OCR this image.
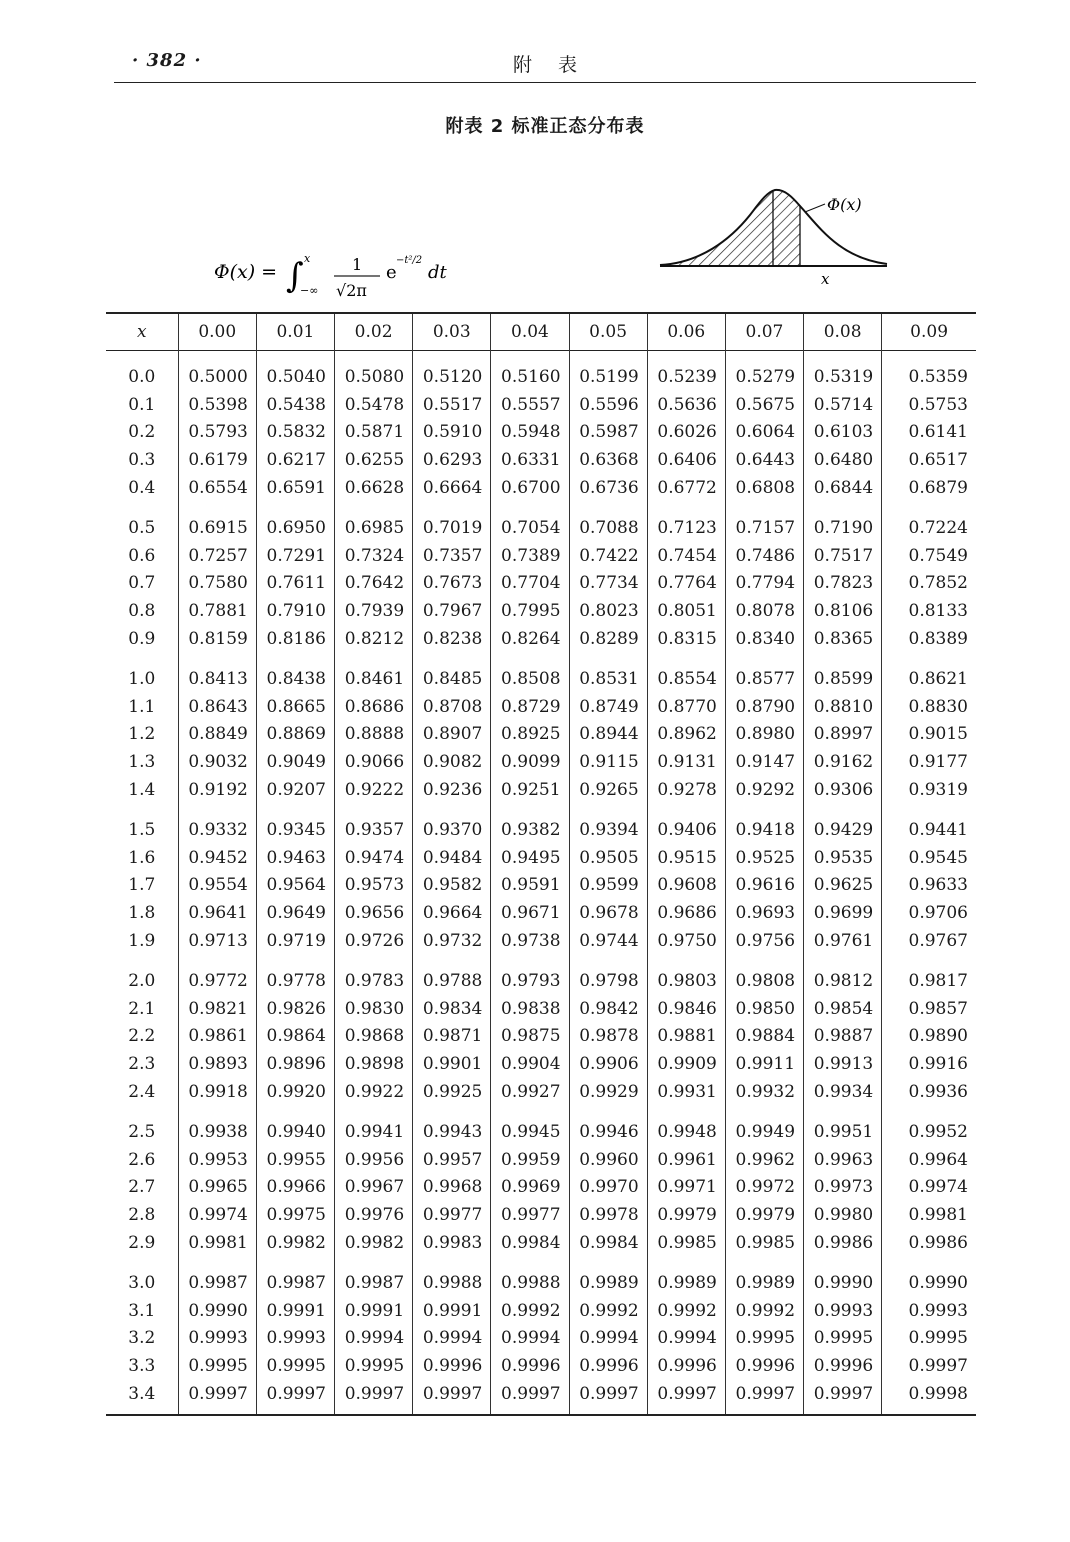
· 382 ·	附表
附表 2 标准正态分布表
Φ(x) = ∫ x
−∞
1
√2π
e
−t²/2
dt
Φ(x)
x
x	0.00	0.01	0.02	0.03	0.04	0.05	0.06	0.07	0.08	0.09
0.0	0.5000	0.5040	0.5080	0.5120	0.5160	0.5199	0.5239	0.5279	0.5319	0.5359
0.1	0.5398	0.5438	0.5478	0.5517	0.5557	0.5596	0.5636	0.5675	0.5714	0.5753
0.2	0.5793	0.5832	0.5871	0.5910	0.5948	0.5987	0.6026	0.6064	0.6103	0.6141
0.3	0.6179	0.6217	0.6255	0.6293	0.6331	0.6368	0.6406	0.6443	0.6480	0.6517
0.4	0.6554	0.6591	0.6628	0.6664	0.6700	0.6736	0.6772	0.6808	0.6844	0.6879
0.5	0.6915	0.6950	0.6985	0.7019	0.7054	0.7088	0.7123	0.7157	0.7190	0.7224
0.6	0.7257	0.7291	0.7324	0.7357	0.7389	0.7422	0.7454	0.7486	0.7517	0.7549
0.7	0.7580	0.7611	0.7642	0.7673	0.7704	0.7734	0.7764	0.7794	0.7823	0.7852
0.8	0.7881	0.7910	0.7939	0.7967	0.7995	0.8023	0.8051	0.8078	0.8106	0.8133
0.9	0.8159	0.8186	0.8212	0.8238	0.8264	0.8289	0.8315	0.8340	0.8365	0.8389
1.0	0.8413	0.8438	0.8461	0.8485	0.8508	0.8531	0.8554	0.8577	0.8599	0.8621
1.1	0.8643	0.8665	0.8686	0.8708	0.8729	0.8749	0.8770	0.8790	0.8810	0.8830
1.2	0.8849	0.8869	0.8888	0.8907	0.8925	0.8944	0.8962	0.8980	0.8997	0.9015
1.3	0.9032	0.9049	0.9066	0.9082	0.9099	0.9115	0.9131	0.9147	0.9162	0.9177
1.4	0.9192	0.9207	0.9222	0.9236	0.9251	0.9265	0.9278	0.9292	0.9306	0.9319
1.5	0.9332	0.9345	0.9357	0.9370	0.9382	0.9394	0.9406	0.9418	0.9429	0.9441
1.6	0.9452	0.9463	0.9474	0.9484	0.9495	0.9505	0.9515	0.9525	0.9535	0.9545
1.7	0.9554	0.9564	0.9573	0.9582	0.9591	0.9599	0.9608	0.9616	0.9625	0.9633
1.8	0.9641	0.9649	0.9656	0.9664	0.9671	0.9678	0.9686	0.9693	0.9699	0.9706
1.9	0.9713	0.9719	0.9726	0.9732	0.9738	0.9744	0.9750	0.9756	0.9761	0.9767
2.0	0.9772	0.9778	0.9783	0.9788	0.9793	0.9798	0.9803	0.9808	0.9812	0.9817
2.1	0.9821	0.9826	0.9830	0.9834	0.9838	0.9842	0.9846	0.9850	0.9854	0.9857
2.2	0.9861	0.9864	0.9868	0.9871	0.9875	0.9878	0.9881	0.9884	0.9887	0.9890
2.3	0.9893	0.9896	0.9898	0.9901	0.9904	0.9906	0.9909	0.9911	0.9913	0.9916
2.4	0.9918	0.9920	0.9922	0.9925	0.9927	0.9929	0.9931	0.9932	0.9934	0.9936
2.5	0.9938	0.9940	0.9941	0.9943	0.9945	0.9946	0.9948	0.9949	0.9951	0.9952
2.6	0.9953	0.9955	0.9956	0.9957	0.9959	0.9960	0.9961	0.9962	0.9963	0.9964
2.7	0.9965	0.9966	0.9967	0.9968	0.9969	0.9970	0.9971	0.9972	0.9973	0.9974
2.8	0.9974	0.9975	0.9976	0.9977	0.9977	0.9978	0.9979	0.9979	0.9980	0.9981
2.9	0.9981	0.9982	0.9982	0.9983	0.9984	0.9984	0.9985	0.9985	0.9986	0.9986
3.0	0.9987	0.9987	0.9987	0.9988	0.9988	0.9989	0.9989	0.9989	0.9990	0.9990
3.1	0.9990	0.9991	0.9991	0.9991	0.9992	0.9992	0.9992	0.9992	0.9993	0.9993
3.2	0.9993	0.9993	0.9994	0.9994	0.9994	0.9994	0.9994	0.9995	0.9995	0.9995
3.3	0.9995	0.9995	0.9995	0.9996	0.9996	0.9996	0.9996	0.9996	0.9996	0.9997
3.4	0.9997	0.9997	0.9997	0.9997	0.9997	0.9997	0.9997	0.9997	0.9997	0.9998
